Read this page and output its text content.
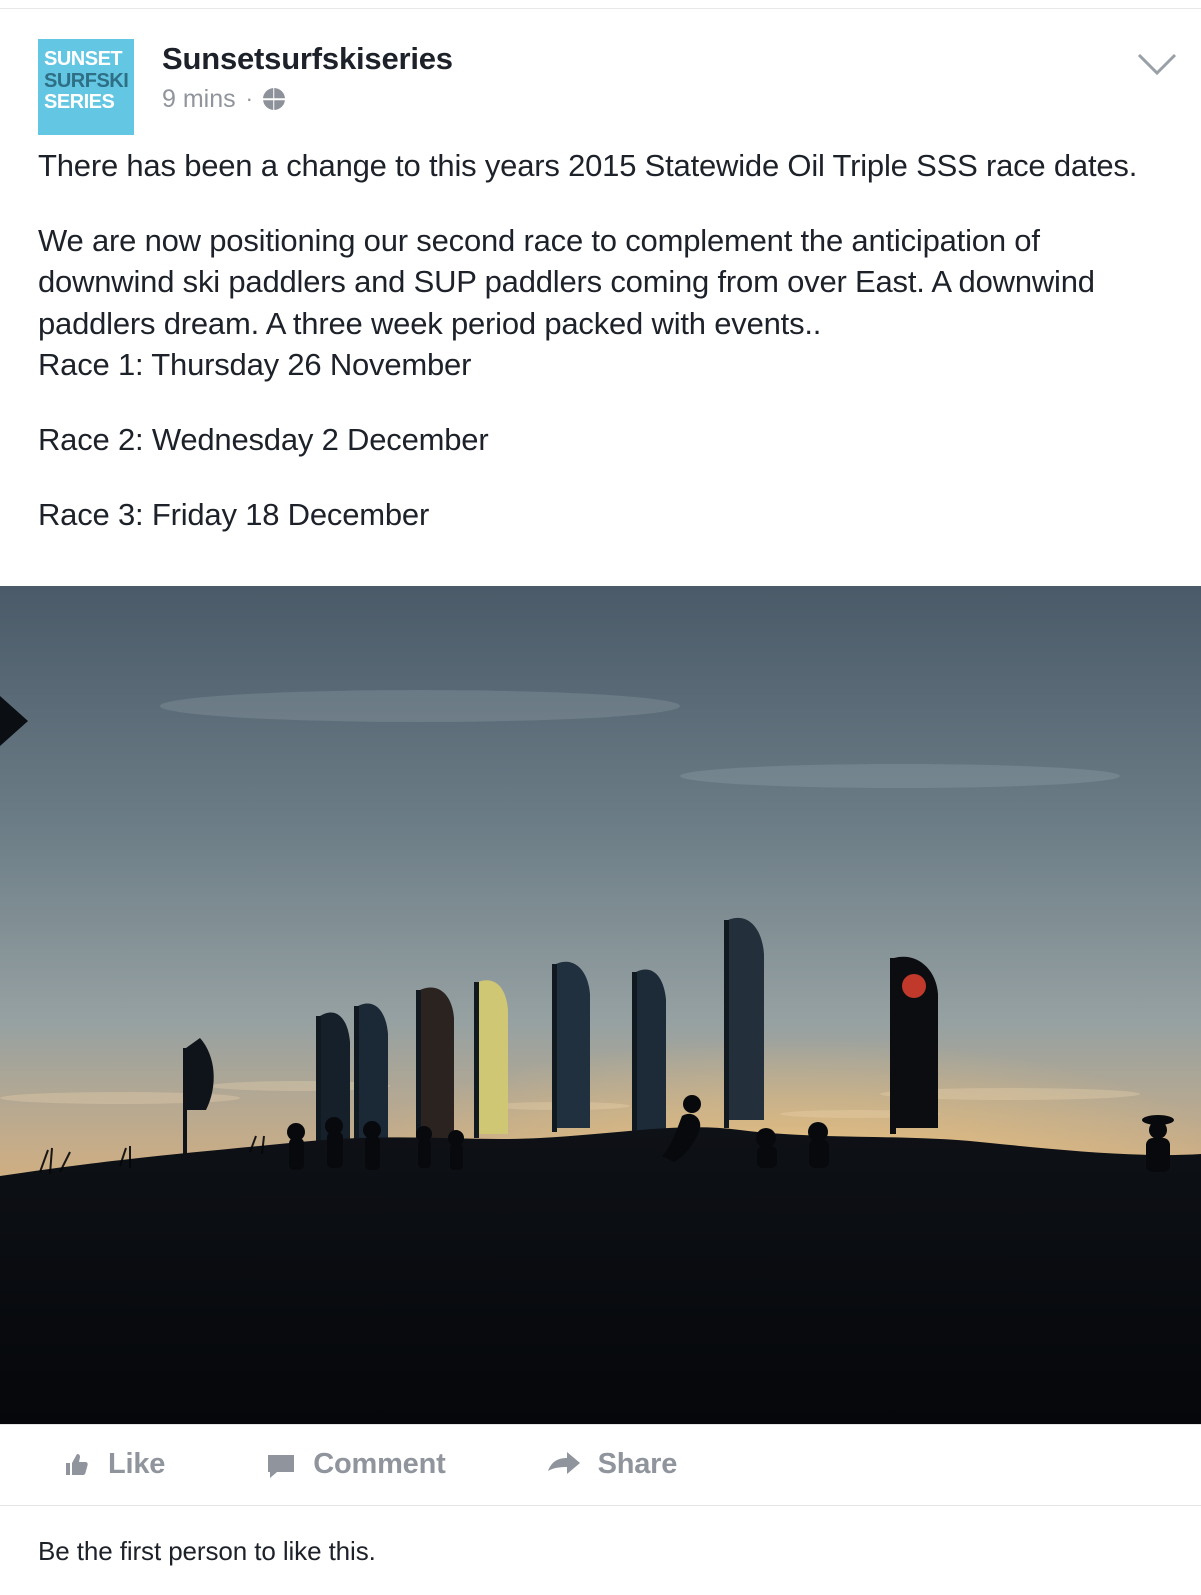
SUNSET
SURFSKI
SERIES
Sunsetsurfskiseries
9 mins ·

There has been a change to this years 2015 Statewide Oil Triple SSS race dates.

We are now positioning our second race to complement the anticipation of downwind ski paddlers and SUP paddlers coming from over East. A downwind paddlers dream. A three week period packed with events..

Race 1: Thursday 26 November

Race 2: Wednesday 2 December

Race 3: Friday 18 December

Like	Comment	Share
Be the first person to like this.
